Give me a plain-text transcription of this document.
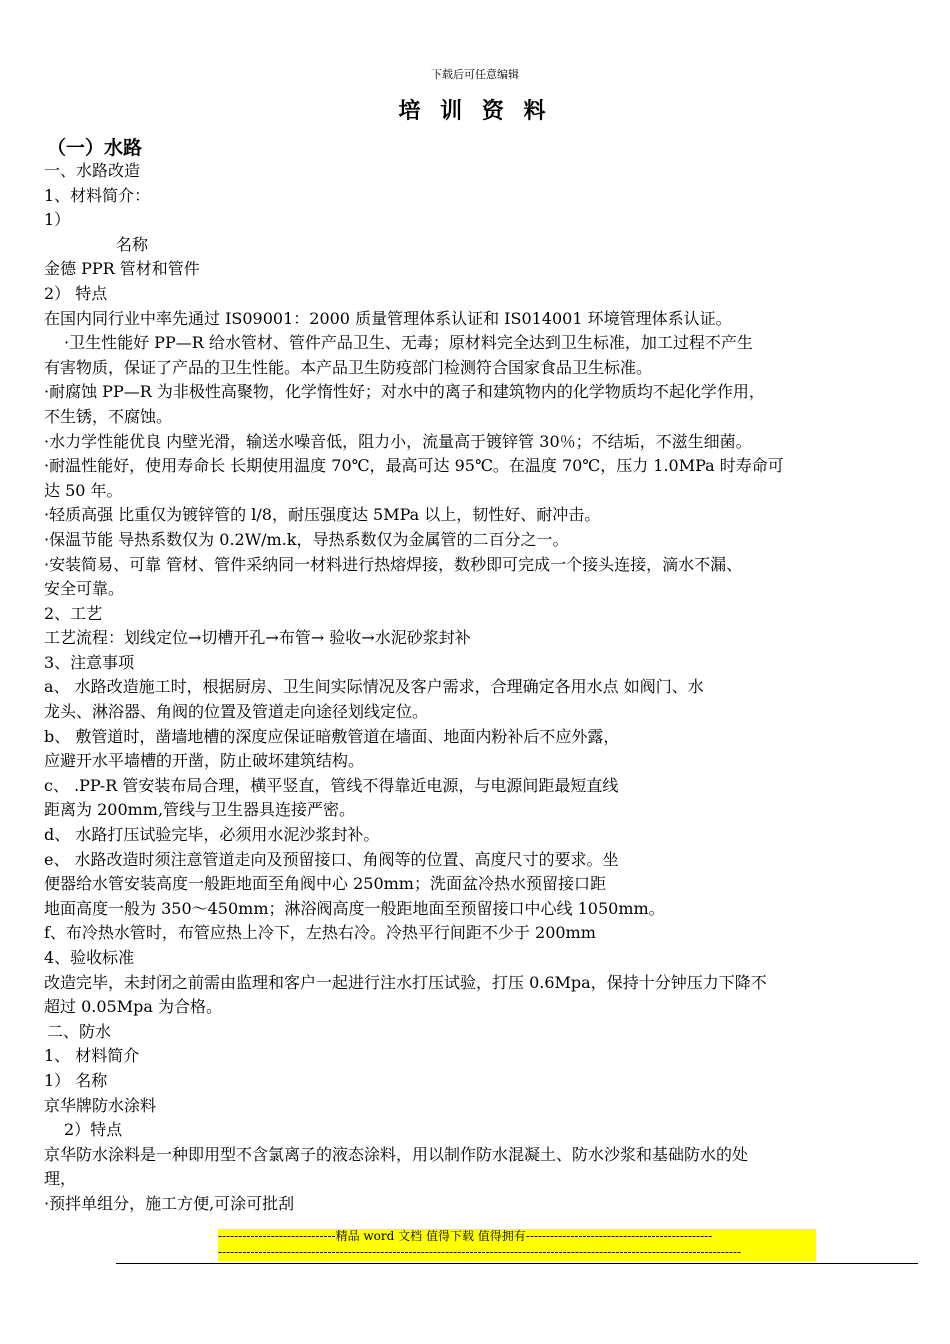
下载后可任意编辑
培 训 资 料
（一）水路
一、水路改造
1、材料简介：
1）
名称
金德 PPR 管材和管件
2） 特点
在国内同行业中率先通过 IS09001：2000 质量管理体系认证和 IS014001 环境管理体系认证。
·卫生性能好 PP—R 给水管材、管件产品卫生、无毒；原材料完全达到卫生标准，加工过程不产生
有害物质，保证了产品的卫生性能。本产品卫生防疫部门检测符合国家食品卫生标准。
·耐腐蚀 PP—R 为非极性高聚物，化学惰性好；对水中的离子和建筑物内的化学物质均不起化学作用，
不生锈，不腐蚀。
·水力学性能优良 内壁光滑，输送水噪音低，阻力小，流量高于镀锌管 30％；不结垢，不滋生细菌。
·耐温性能好，使用寿命长 长期使用温度 70℃，最高可达 95℃。在温度 70℃，压力 1.0MPa 时寿命可
达 50 年。
·轻质高强 比重仅为镀锌管的 l/8，耐压强度达 5MPa 以上，韧性好、耐冲击。
·保温节能 导热系数仅为 0.2W/m.k，导热系数仅为金属管的二百分之一。
·安装简易、可靠 管材、管件采纳同一材料进行热熔焊接，数秒即可完成一个接头连接，滴水不漏、
安全可靠。
2、工艺
工艺流程：划线定位→切槽开孔→布管→ 验收→水泥砂浆封补
3、注意事项
a、 水路改造施工时，根据厨房、卫生间实际情况及客户需求，合理确定各用水点 如阀门、水
龙头、淋浴器、角阀的位置及管道走向途径划线定位。
b、 敷管道时，凿墙地槽的深度应保证暗敷管道在墙面、地面内粉补后不应外露，
应避开水平墙槽的开凿，防止破坏建筑结构。
c、 .PP-R 管安装布局合理，横平竖直，管线不得靠近电源，与电源间距最短直线
距离为 200mm,管线与卫生器具连接严密。
d、 水路打压试验完毕，必须用水泥沙浆封补。
e、 水路改造时须注意管道走向及预留接口、角阀等的位置、高度尺寸的要求。坐
便器给水管安装高度一般距地面至角阀中心 250mm；洗面盆冷热水预留接口距
地面高度一般为 350～450mm；淋浴阀高度一般距地面至预留接口中心线 1050mm。
f、布冷热水管时，布管应热上冷下，左热右冷。冷热平行间距不少于 200mm
4、验收标准
改造完毕，未封闭之前需由监理和客户一起进行注水打压试验，打压 0.6Mpa，保持十分钟压力下降不
超过 0.05Mpa 为合格。
二、防水
1、 材料简介
1） 名称
京华牌防水涂料
2）特点
京华防水涂料是一种即用型不含氯离子的液态涂料，用以制作防水混凝土、防水沙浆和基础防水的处
理，
·预拌单组分，施工方便,可涂可批刮
-----------------------------精品 word 文档 值得下载 值得拥有----------------------------------------------
---------------------------------------------------------------------------------------------------------------------------------
